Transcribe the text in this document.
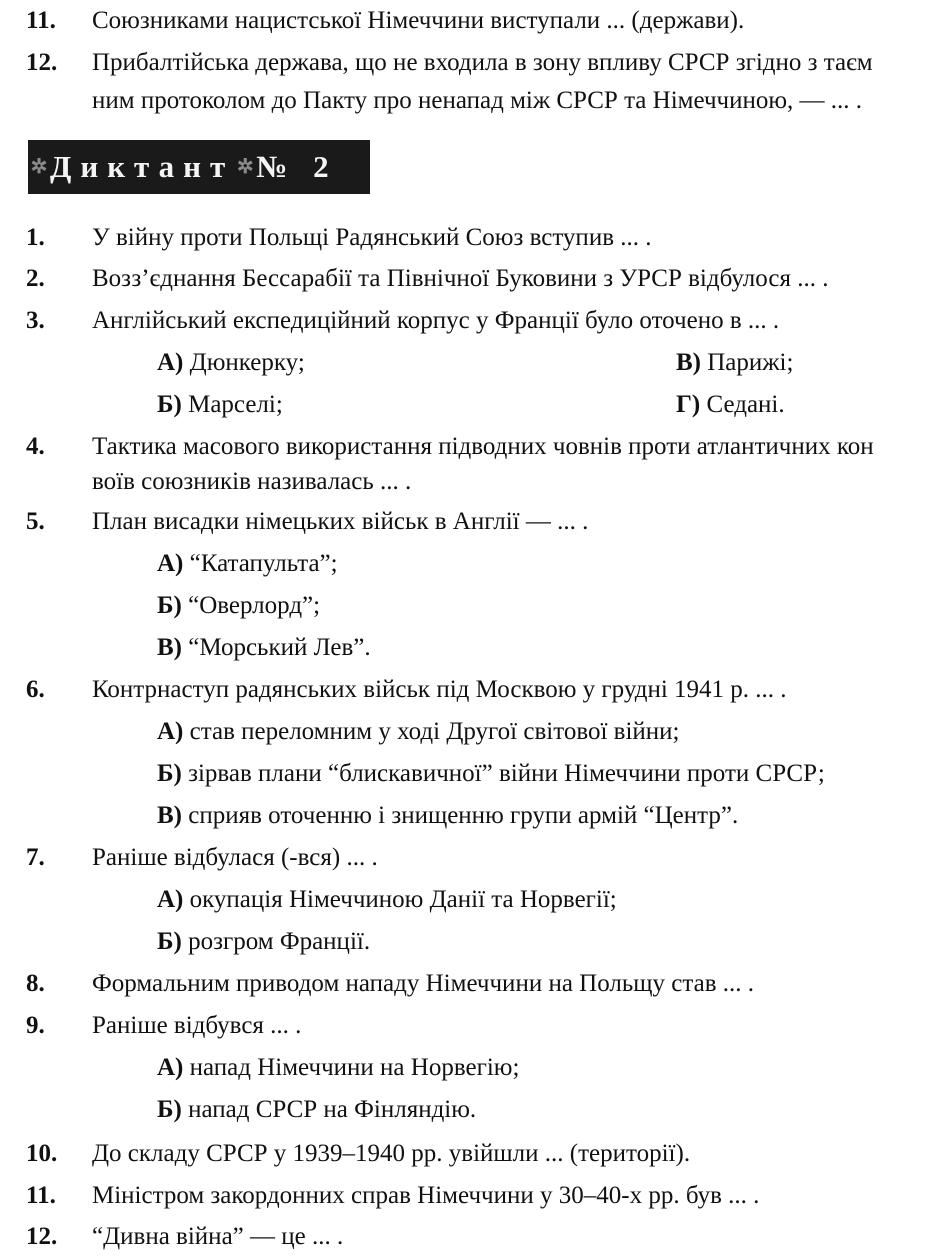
11.	Союзниками нацистської Німеччини виступали ... (держави).
12.	Прибалтійська держава, що не входила в зону впливу СРСР згідно з таєм
ним протоколом до Пакту про ненапад між СРСР та Німеччиною, — ... .
✲Диктант ✲№ 2
1.	У війну проти Польщі Радянський Союз вступив ... .
2.	Возз’єднання Бессарабії та Північної Буковини з УРСР відбулося ... .
3.	Англійський експедиційний корпус у Франції було оточено в ... .
А) Дюнкерку;	В) Парижі;
Б) Марселі;	Г) Седані.
4.	Тактика масового використання підводних човнів проти атлантичних кон
воїв союзників називалась ... .
5.	План висадки німецьких військ в Англії — ... .
А) “Катапульта”;
Б) “Оверлорд”;
В) “Морський Лев”.
6.	Контрнаступ радянських військ під Москвою у грудні 1941 р. ... .
А) став переломним у ході Другої світової війни;
Б) зірвав плани “блискавичної” війни Німеччини проти СРСР;
В) сприяв оточенню і знищенню групи армій “Центр”.
7.	Раніше відбулася (-вся) ... .
А) окупація Німеччиною Данії та Норвегії;
Б) розгром Франції.
8.	Формальним приводом нападу Німеччини на Польщу став ... .
9.	Раніше відбувся ... .
А) напад Німеччини на Норвегію;
Б) напад СРСР на Фінляндію.
10.	До складу СРСР у 1939–1940 рр. увійшли ... (території).
11.	Міністром закордонних справ Німеччини у 30–40-х рр. був ... .
12.	“Дивна війна” — це ... .
